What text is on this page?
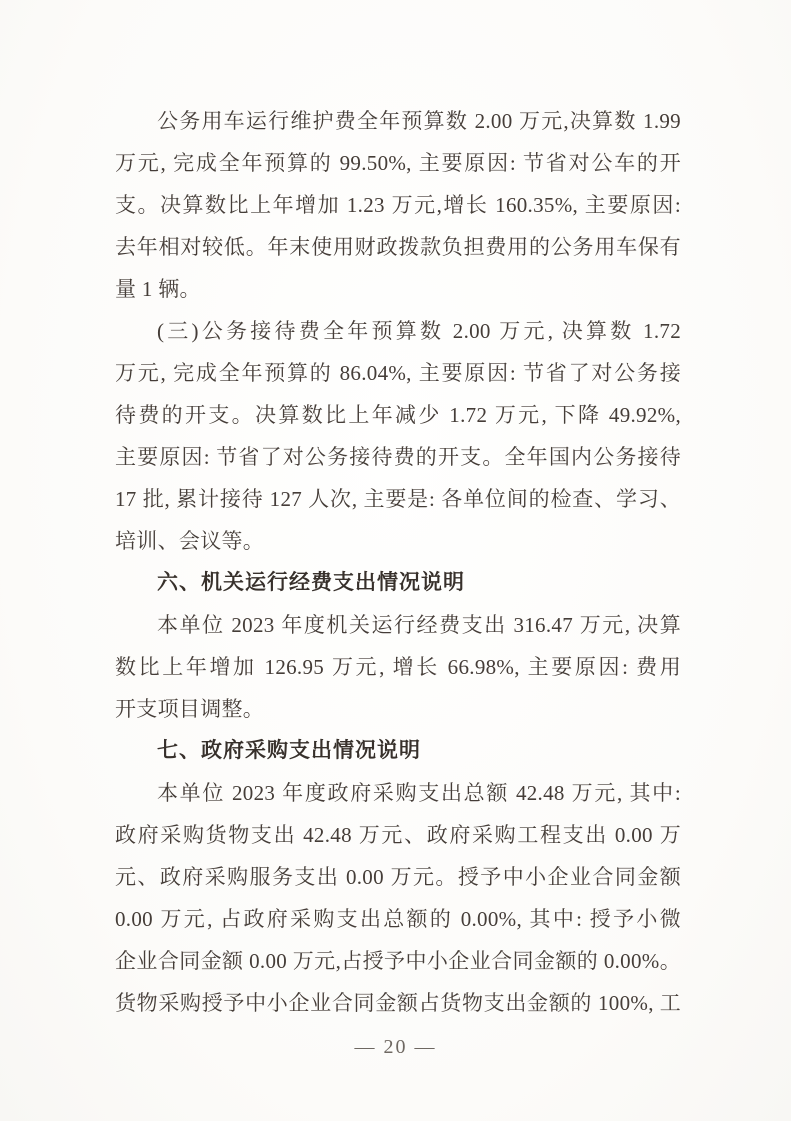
公务用车运行维护费全年预算数 2.00 万元,决算数 1.99
万元, 完成全年预算的 99.50%, 主要原因: 节省对公车的开
支。决算数比上年增加 1.23 万元,增长 160.35%, 主要原因:
去年相对较低。年末使用财政拨款负担费用的公务用车保有
量 1 辆。
(三)公务接待费全年预算数 2.00 万元, 决算数 1.72
万元, 完成全年预算的 86.04%, 主要原因: 节省了对公务接
待费的开支。决算数比上年减少 1.72 万元, 下降 49.92%,
主要原因: 节省了对公务接待费的开支。全年国内公务接待
17 批, 累计接待 127 人次, 主要是: 各单位间的检查、学习、
培训、会议等。
六、机关运行经费支出情况说明
本单位 2023 年度机关运行经费支出 316.47 万元, 决算
数比上年增加 126.95 万元, 增长 66.98%, 主要原因: 费用
开支项目调整。
七、政府采购支出情况说明
本单位 2023 年度政府采购支出总额 42.48 万元, 其中:
政府采购货物支出 42.48 万元、政府采购工程支出 0.00 万
元、政府采购服务支出 0.00 万元。授予中小企业合同金额
0.00 万元, 占政府采购支出总额的 0.00%, 其中: 授予小微
企业合同金额 0.00 万元,占授予中小企业合同金额的 0.00%。
货物采购授予中小企业合同金额占货物支出金额的 100%, 工
— 20 —
